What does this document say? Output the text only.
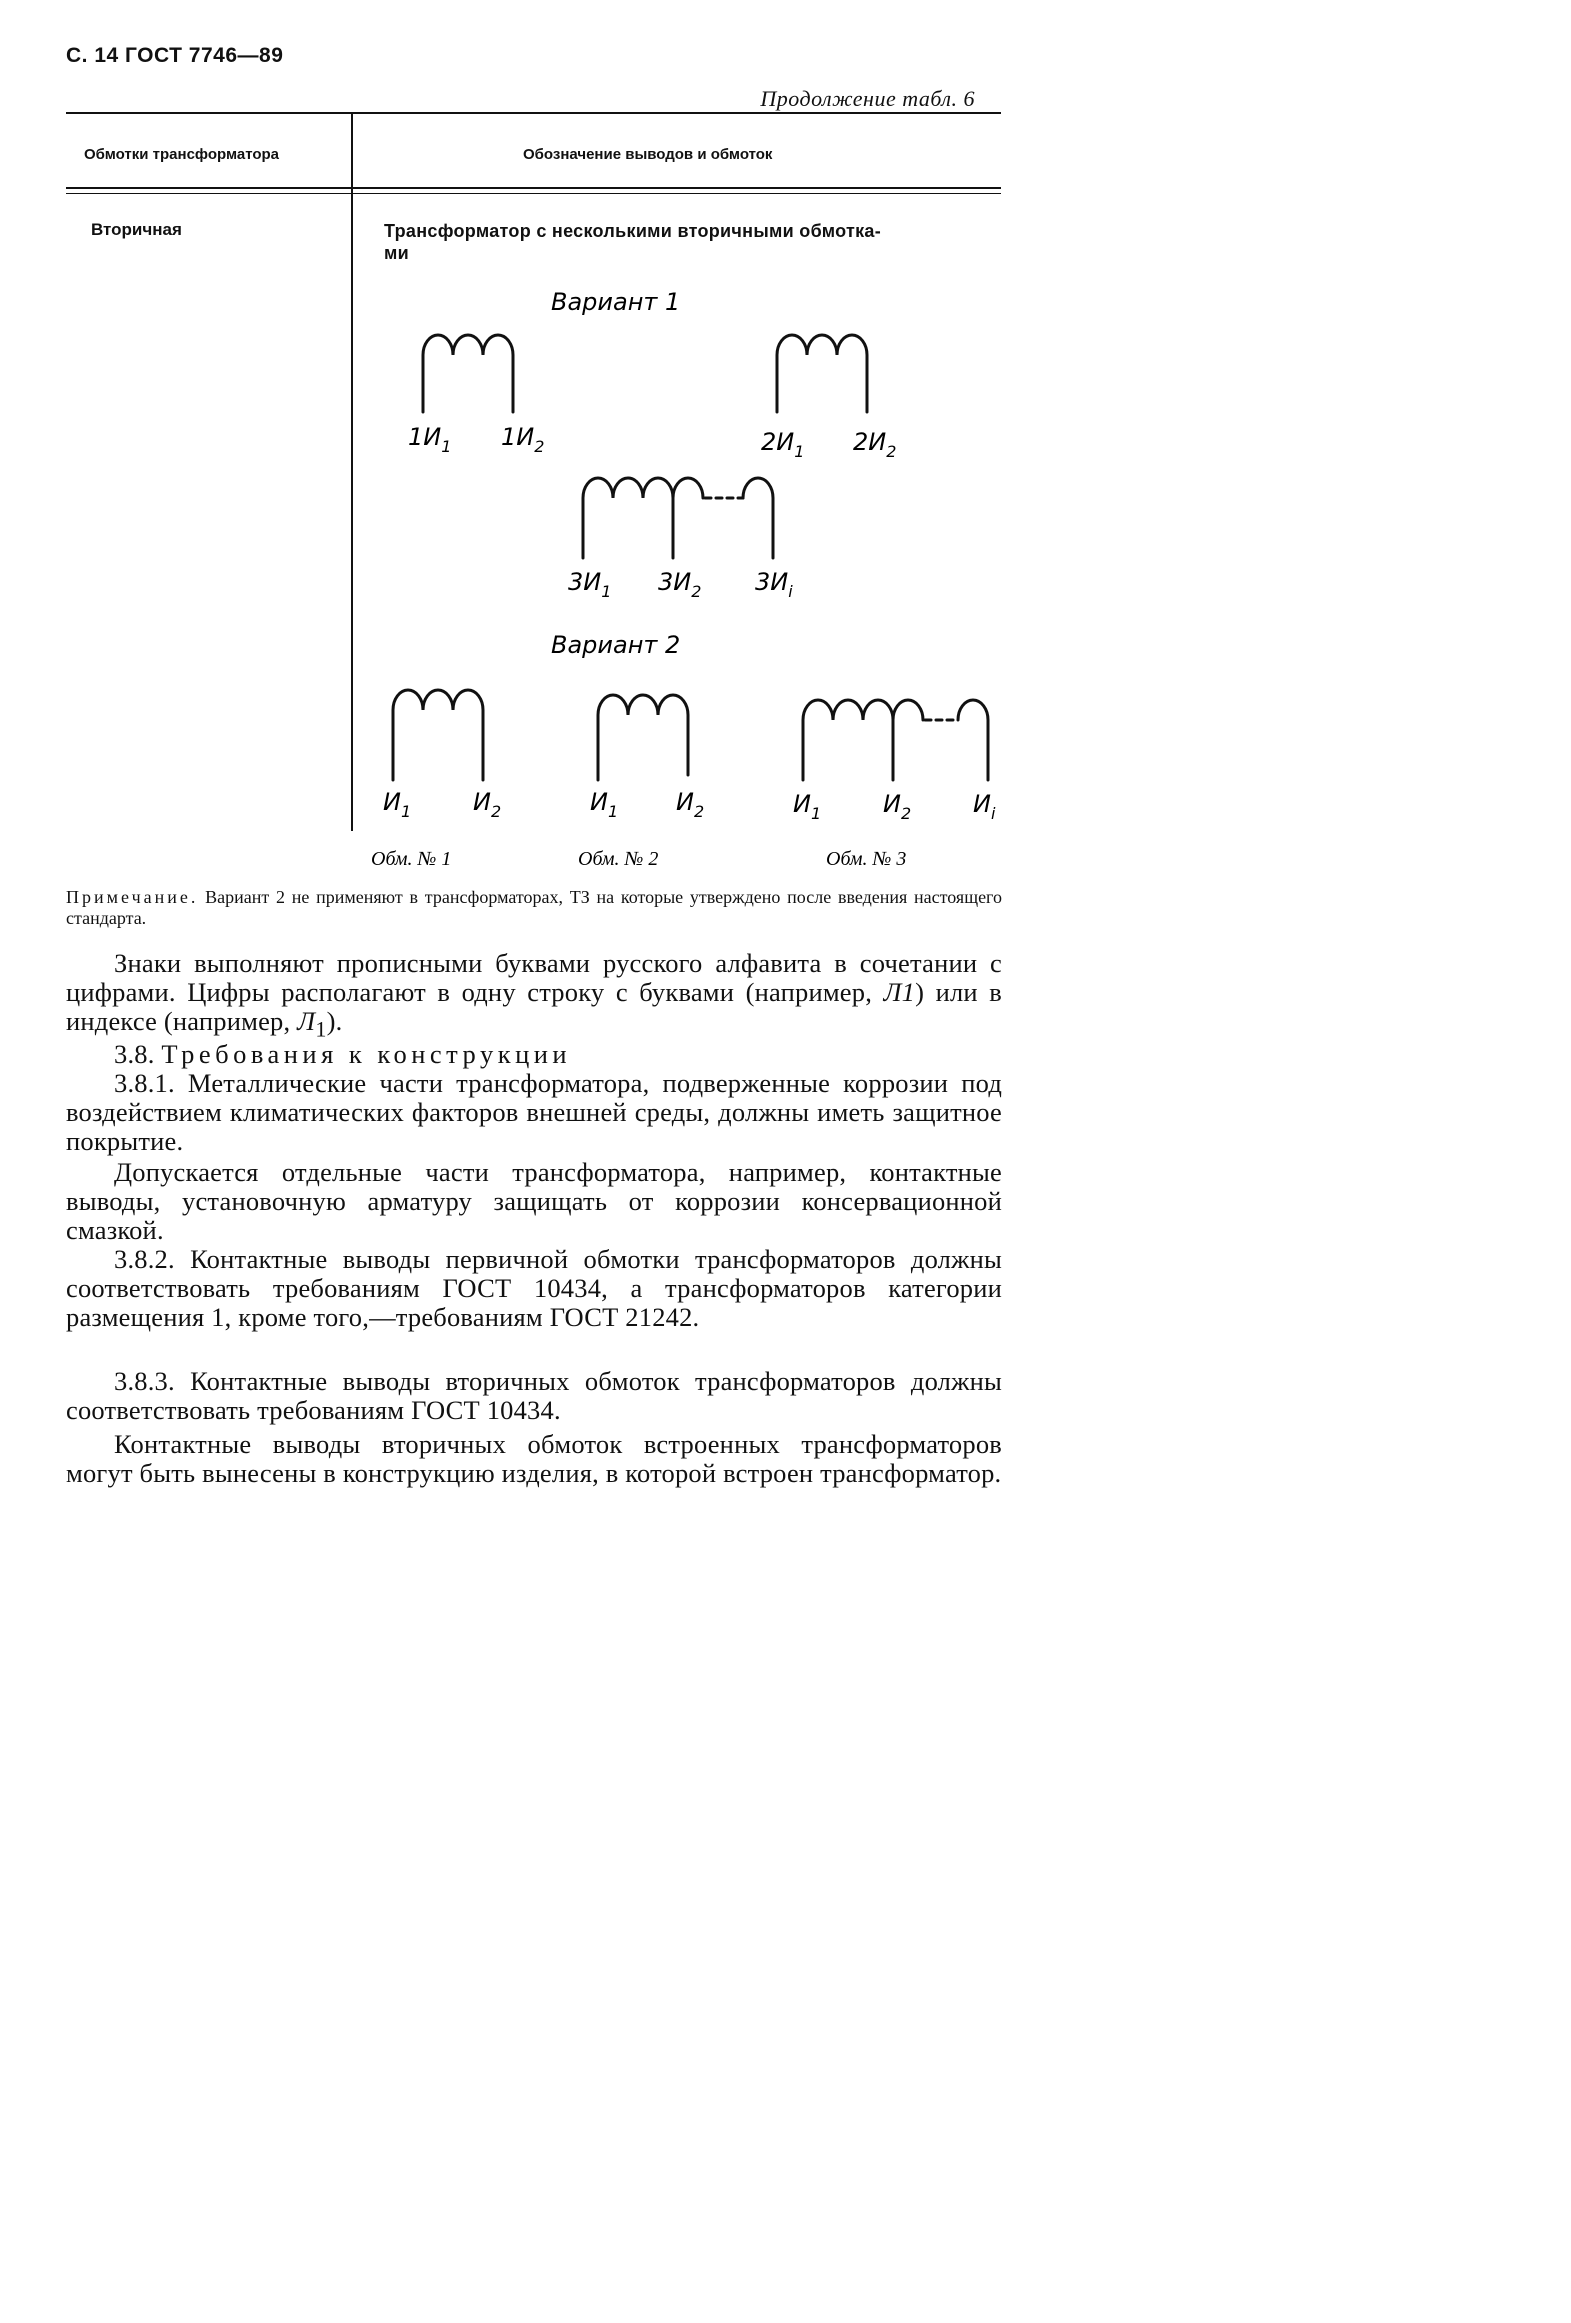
С. 14 ГОСТ 7746—89
Продолжение табл. 6
Обмотки трансформатора	Обозначение выводов и обмоток
Вторичная	Трансформатор с несколькими вторичными обмотка-
ми
Вариант 1
Вариант 2
$1И_1$ $1И_2$	$2И_1$ $2И_2$
$3И_1$ $3И_2$ $3И_i$
$И_1$	$И_2$	$И_1$ $И_2$	$И_1$	$И_2$	$И_i$
Обм. № 1	Обм. № 2	Обм. № 3
Примечание. Вариант 2 не применяют в трансформаторах, ТЗ на которые утверждено после введения настоящего стандарта.
Знаки выполняют прописными буквами русского алфавита в сочетании с цифрами. Цифры располагают в одну строку с буквами (например, Л1) или в индексе (например, $Л_1$).
3.8. Требования к конструкции
3.8.1. Металлические части трансформатора, подверженные коррозии под воздействием климатических факторов внешней среды, должны иметь защитное покрытие.
Допускается отдельные части трансформатора, например, контактные выводы, установочную арматуру защищать от коррозии консервационной смазкой.
3.8.2. Контактные выводы первичной обмотки трансформаторов должны соответствовать требованиям ГОСТ 10434, а трансформаторов категории размещения 1, кроме того,—требованиям ГОСТ 21242.
3.8.3. Контактные выводы вторичных обмоток трансформаторов должны соответствовать требованиям ГОСТ 10434.
Контактные выводы вторичных обмоток встроенных трансформаторов могут быть вынесены в конструкцию изделия, в которой встроен трансформатор.
